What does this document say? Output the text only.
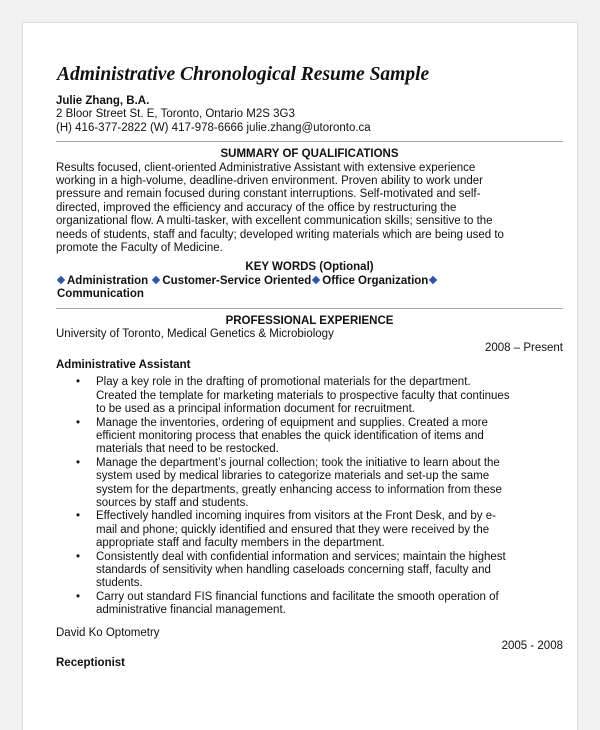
Administrative Chronological Resume Sample
Julie Zhang, B.A.
2 Bloor Street St. E, Toronto, Ontario M2S 3G3
(H) 416-377-2822 (W) 417-978-6666 julie.zhang@utoronto.ca
SUMMARY OF QUALIFICATIONS
Results focused, client-oriented Administrative Assistant with extensive experience
working in a high-volume, deadline-driven environment. Proven ability to work under
pressure and remain focused during constant interruptions. Self-motivated and self-
directed, improved the efficiency and accuracy of the office by restructuring the
organizational flow. A multi-tasker, with excellent communication skills; sensitive to the
needs of students, staff and faculty; developed writing materials which are being used to
promote the Faculty of Medicine.
KEY WORDS (Optional)
Administration Customer-Service Oriented Office Organization
Communication
PROFESSIONAL EXPERIENCE
University of Toronto, Medical Genetics & Microbiology
2008 – Present
Administrative Assistant
• Play a key role in the drafting of promotional materials for the department.
Created the template for marketing materials to prospective faculty that continues
to be used as a principal information document for recruitment.
• Manage the inventories, ordering of equipment and supplies. Created a more
efficient monitoring process that enables the quick identification of items and
materials that need to be restocked.
• Manage the department’s journal collection; took the initiative to learn about the
system used by medical libraries to categorize materials and set-up the same
system for the departments, greatly enhancing access to information from these
sources by staff and students.
• Effectively handled incoming inquires from visitors at the Front Desk, and by e-
mail and phone; quickly identified and ensured that they were received by the
appropriate staff and faculty members in the department.
• Consistently deal with confidential information and services; maintain the highest
standards of sensitivity when handling caseloads concerning staff, faculty and
students.
• Carry out standard FIS financial functions and facilitate the smooth operation of
administrative financial management.
David Ko Optometry
2005 - 2008
Receptionist
